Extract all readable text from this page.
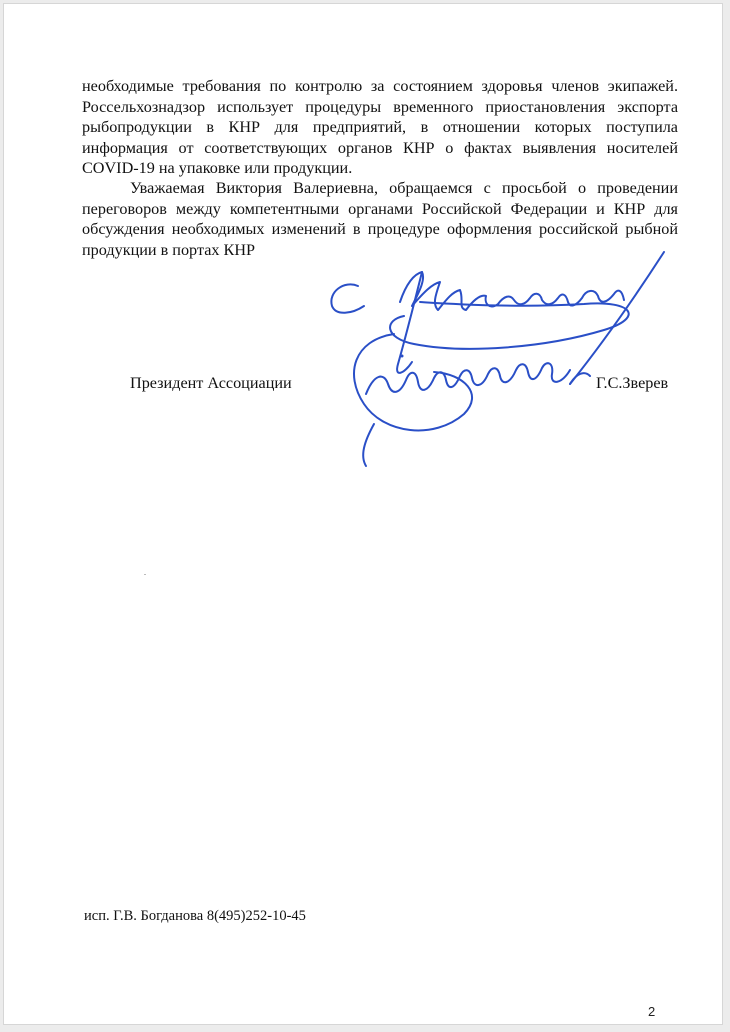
необходимые требования по контролю за состоянием здоровья членов экипажей. Россельхознадзор использует процедуры временного приостановления экспорта рыбопродукции в КНР для предприятий, в отношении которых поступила информация от соответствующих органов КНР о фактах выявления носителей COVID-19 на упаковке или продукции.

Уважаемая Виктория Валериевна, обращаемся с просьбой о проведении переговоров между компетентными органами Российской Федерации и КНР для обсуждения необходимых изменений в процедуре оформления российской рыбной продукции в портах КНР

Президент Ассоциации	Г.С.Зверев
исп. Г.В. Богданова 8(495)252-10-45
2
